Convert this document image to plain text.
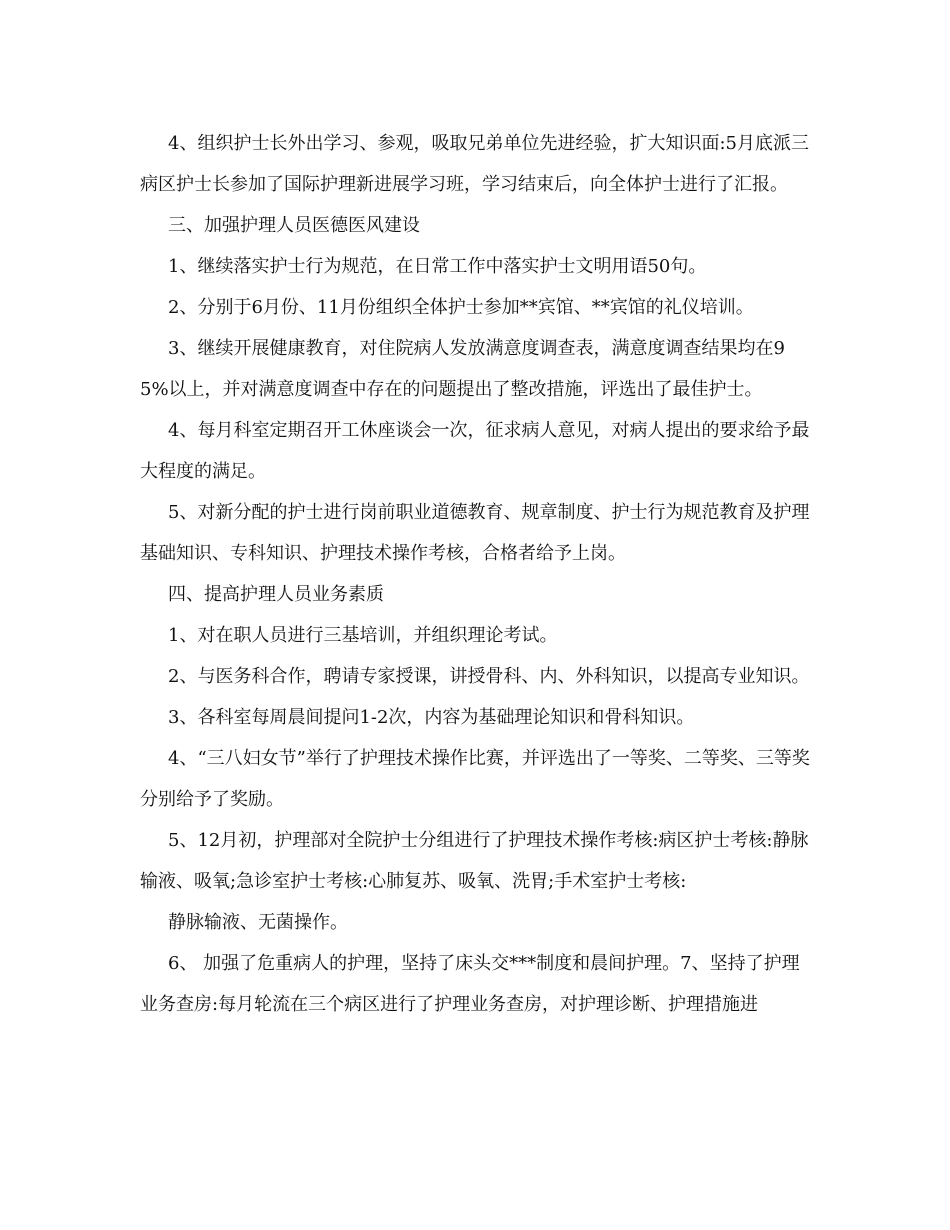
4、组织护士长外出学习、参观，吸取兄弟单位先进经验，扩大知识面:5月底派三病区护士长参加了国际护理新进展学习班，学习结束后，向全体护士进行了汇报。

三、加强护理人员医德医风建设

1、继续落实护士行为规范，在日常工作中落实护士文明用语50句。

2、分别于6月份、11月份组织全体护士参加**宾馆、**宾馆的礼仪培训。

3、继续开展健康教育，对住院病人发放满意度调查表，满意度调查结果均在95%以上，并对满意度调查中存在的问题提出了整改措施，评选出了最佳护士。

4、每月科室定期召开工休座谈会一次，征求病人意见，对病人提出的要求给予最大程度的满足。

5、对新分配的护士进行岗前职业道德教育、规章制度、护士行为规范教育及护理基础知识、专科知识、护理技术操作考核，合格者给予上岗。

四、提高护理人员业务素质

1、对在职人员进行三基培训，并组织理论考试。

2、与医务科合作，聘请专家授课，讲授骨科、内、外科知识，以提高专业知识。

3、各科室每周晨间提问1-2次，内容为基础理论知识和骨科知识。

4、“三八妇女节”举行了护理技术操作比赛，并评选出了一等奖、二等奖、三等奖分别给予了奖励。

5、12月初，护理部对全院护士分组进行了护理技术操作考核:病区护士考核:静脉输液、吸氧;急诊室护士考核:心肺复苏、吸氧、洗胃;手术室护士考核:

静脉输液、无菌操作。

6、 加强了危重病人的护理，坚持了床头交***制度和晨间护理。7、坚持了护理业务查房:每月轮流在三个病区进行了护理业务查房，对护理诊断、护理措施进
